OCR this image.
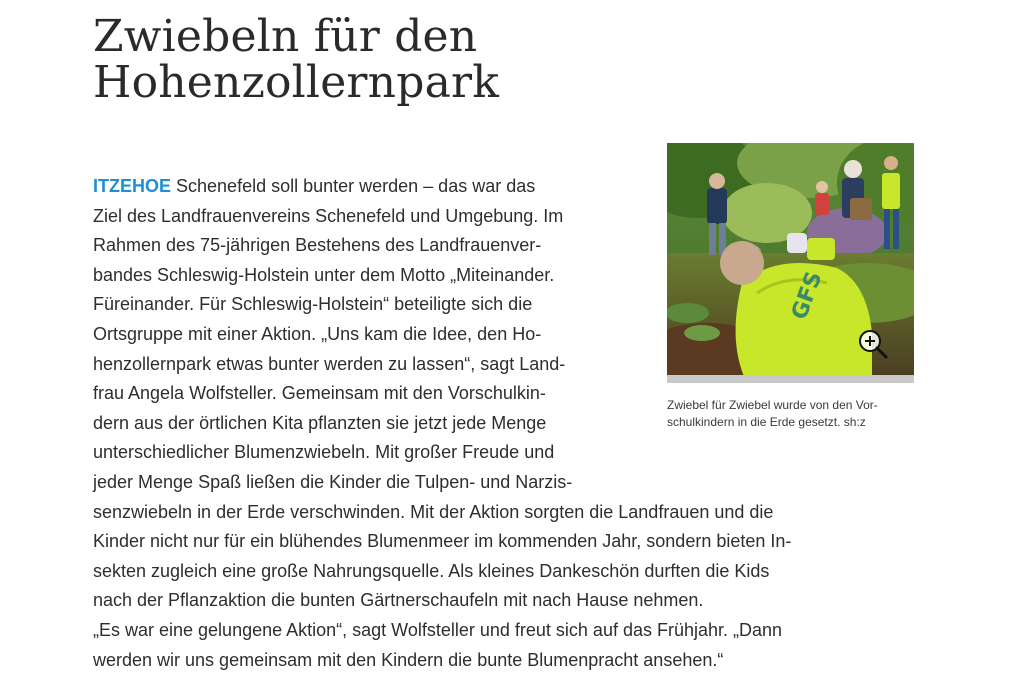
Zwiebeln für den
Hohenzollernpark
GFS
Zwiebel für Zwiebel wurde von den Vor-
schulkindern in die Erde gesetzt. sh:z
ITZEHOE Schenefeld soll bunter werden – das war das
Ziel des Landfrauenvereins Schenefeld und Umgebung. Im
Rahmen des 75-jährigen Bestehens des Landfrauenver-
bandes Schleswig-Holstein unter dem Motto „Miteinander.
Füreinander. Für Schleswig-Holstein“ beteiligte sich die
Ortsgruppe mit einer Aktion. „Uns kam die Idee, den Ho-
henzollernpark etwas bunter werden zu lassen“, sagt Land-
frau Angela Wolfsteller. Gemeinsam mit den Vorschulkin-
dern aus der örtlichen Kita pflanzten sie jetzt jede Menge
unterschiedlicher Blumenzwiebeln. Mit großer Freude und
jeder Menge Spaß ließen die Kinder die Tulpen- und Narzis-
senzwiebeln in der Erde verschwinden. Mit der Aktion sorgten die Landfrauen und die
Kinder nicht nur für ein blühendes Blumenmeer im kommenden Jahr, sondern bieten In-
sekten zugleich eine große Nahrungsquelle. Als kleines Dankeschön durften die Kids
nach der Pflanzaktion die bunten Gärtnerschaufeln mit nach Hause nehmen.
„Es war eine gelungene Aktion“, sagt Wolfsteller und freut sich auf das Frühjahr. „Dann
werden wir uns gemeinsam mit den Kindern die bunte Blumenpracht ansehen.“
